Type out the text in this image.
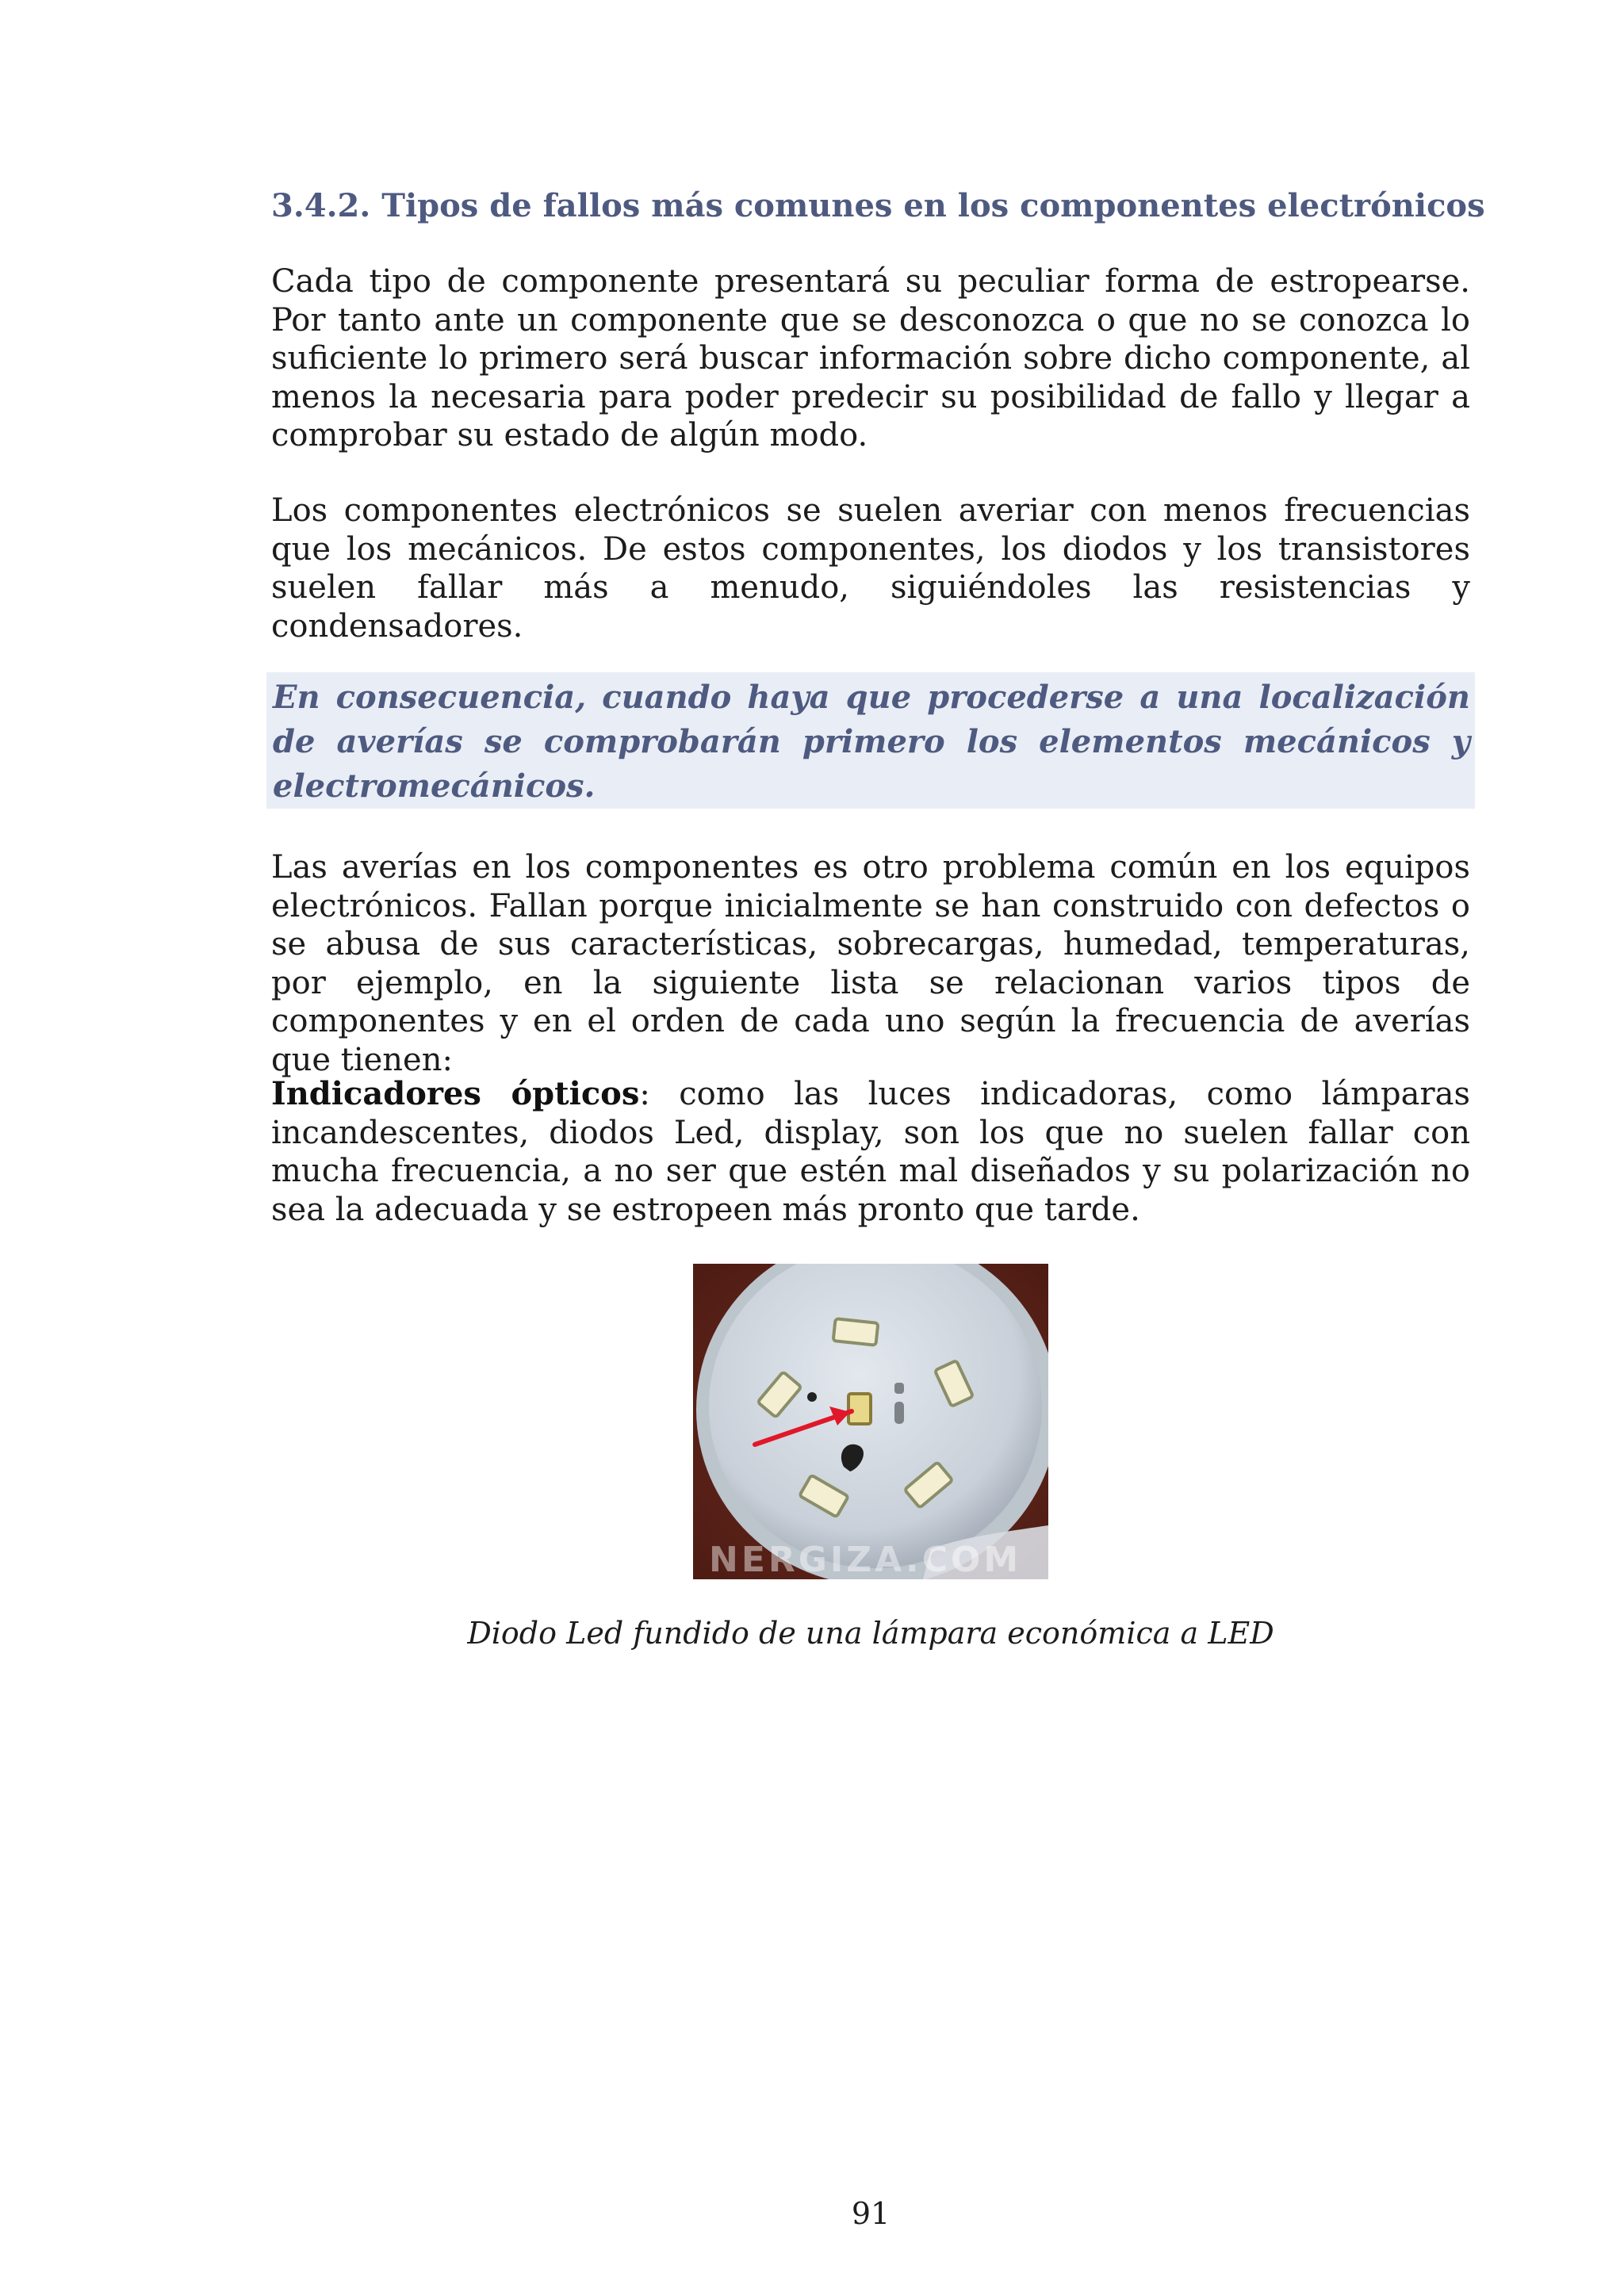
3.4.2. Tipos de fallos más comunes en los componentes electrónicos

Cada tipo de componente presentará su peculiar forma de estropearse. Por tanto ante un componente que se desconozca o que no se conozca lo suficiente lo primero será buscar información sobre dicho componente, al menos la necesaria para poder predecir su posibilidad de fallo y llegar a comprobar su estado de algún modo.

Los componentes electrónicos se suelen averiar con menos frecuencias que los mecánicos. De estos componentes, los diodos y los transistores suelen fallar más a menudo, siguiéndoles las resistencias y condensadores.

En consecuencia, cuando haya que procederse a una localización de averías se comprobarán primero los elementos mecánicos y electromecánicos.

Las averías en los componentes es otro problema común en los equipos electrónicos. Fallan porque inicialmente se han construido con defectos o se abusa de sus características, sobrecargas, humedad, temperaturas, por ejemplo, en la siguiente lista se relacionan varios tipos de componentes y en el orden de cada uno según la frecuencia de averías que tienen:

Indicadores ópticos: como las luces indicadoras, como lámparas incandescentes, diodos Led, display, son los que no suelen fallar con mucha frecuencia, a no ser que estén mal diseñados y su polarización no sea la adecuada y se estropeen más pronto que tarde.

NERGIZA.COM

Diodo Led fundido de una lámpara económica a LED

91
